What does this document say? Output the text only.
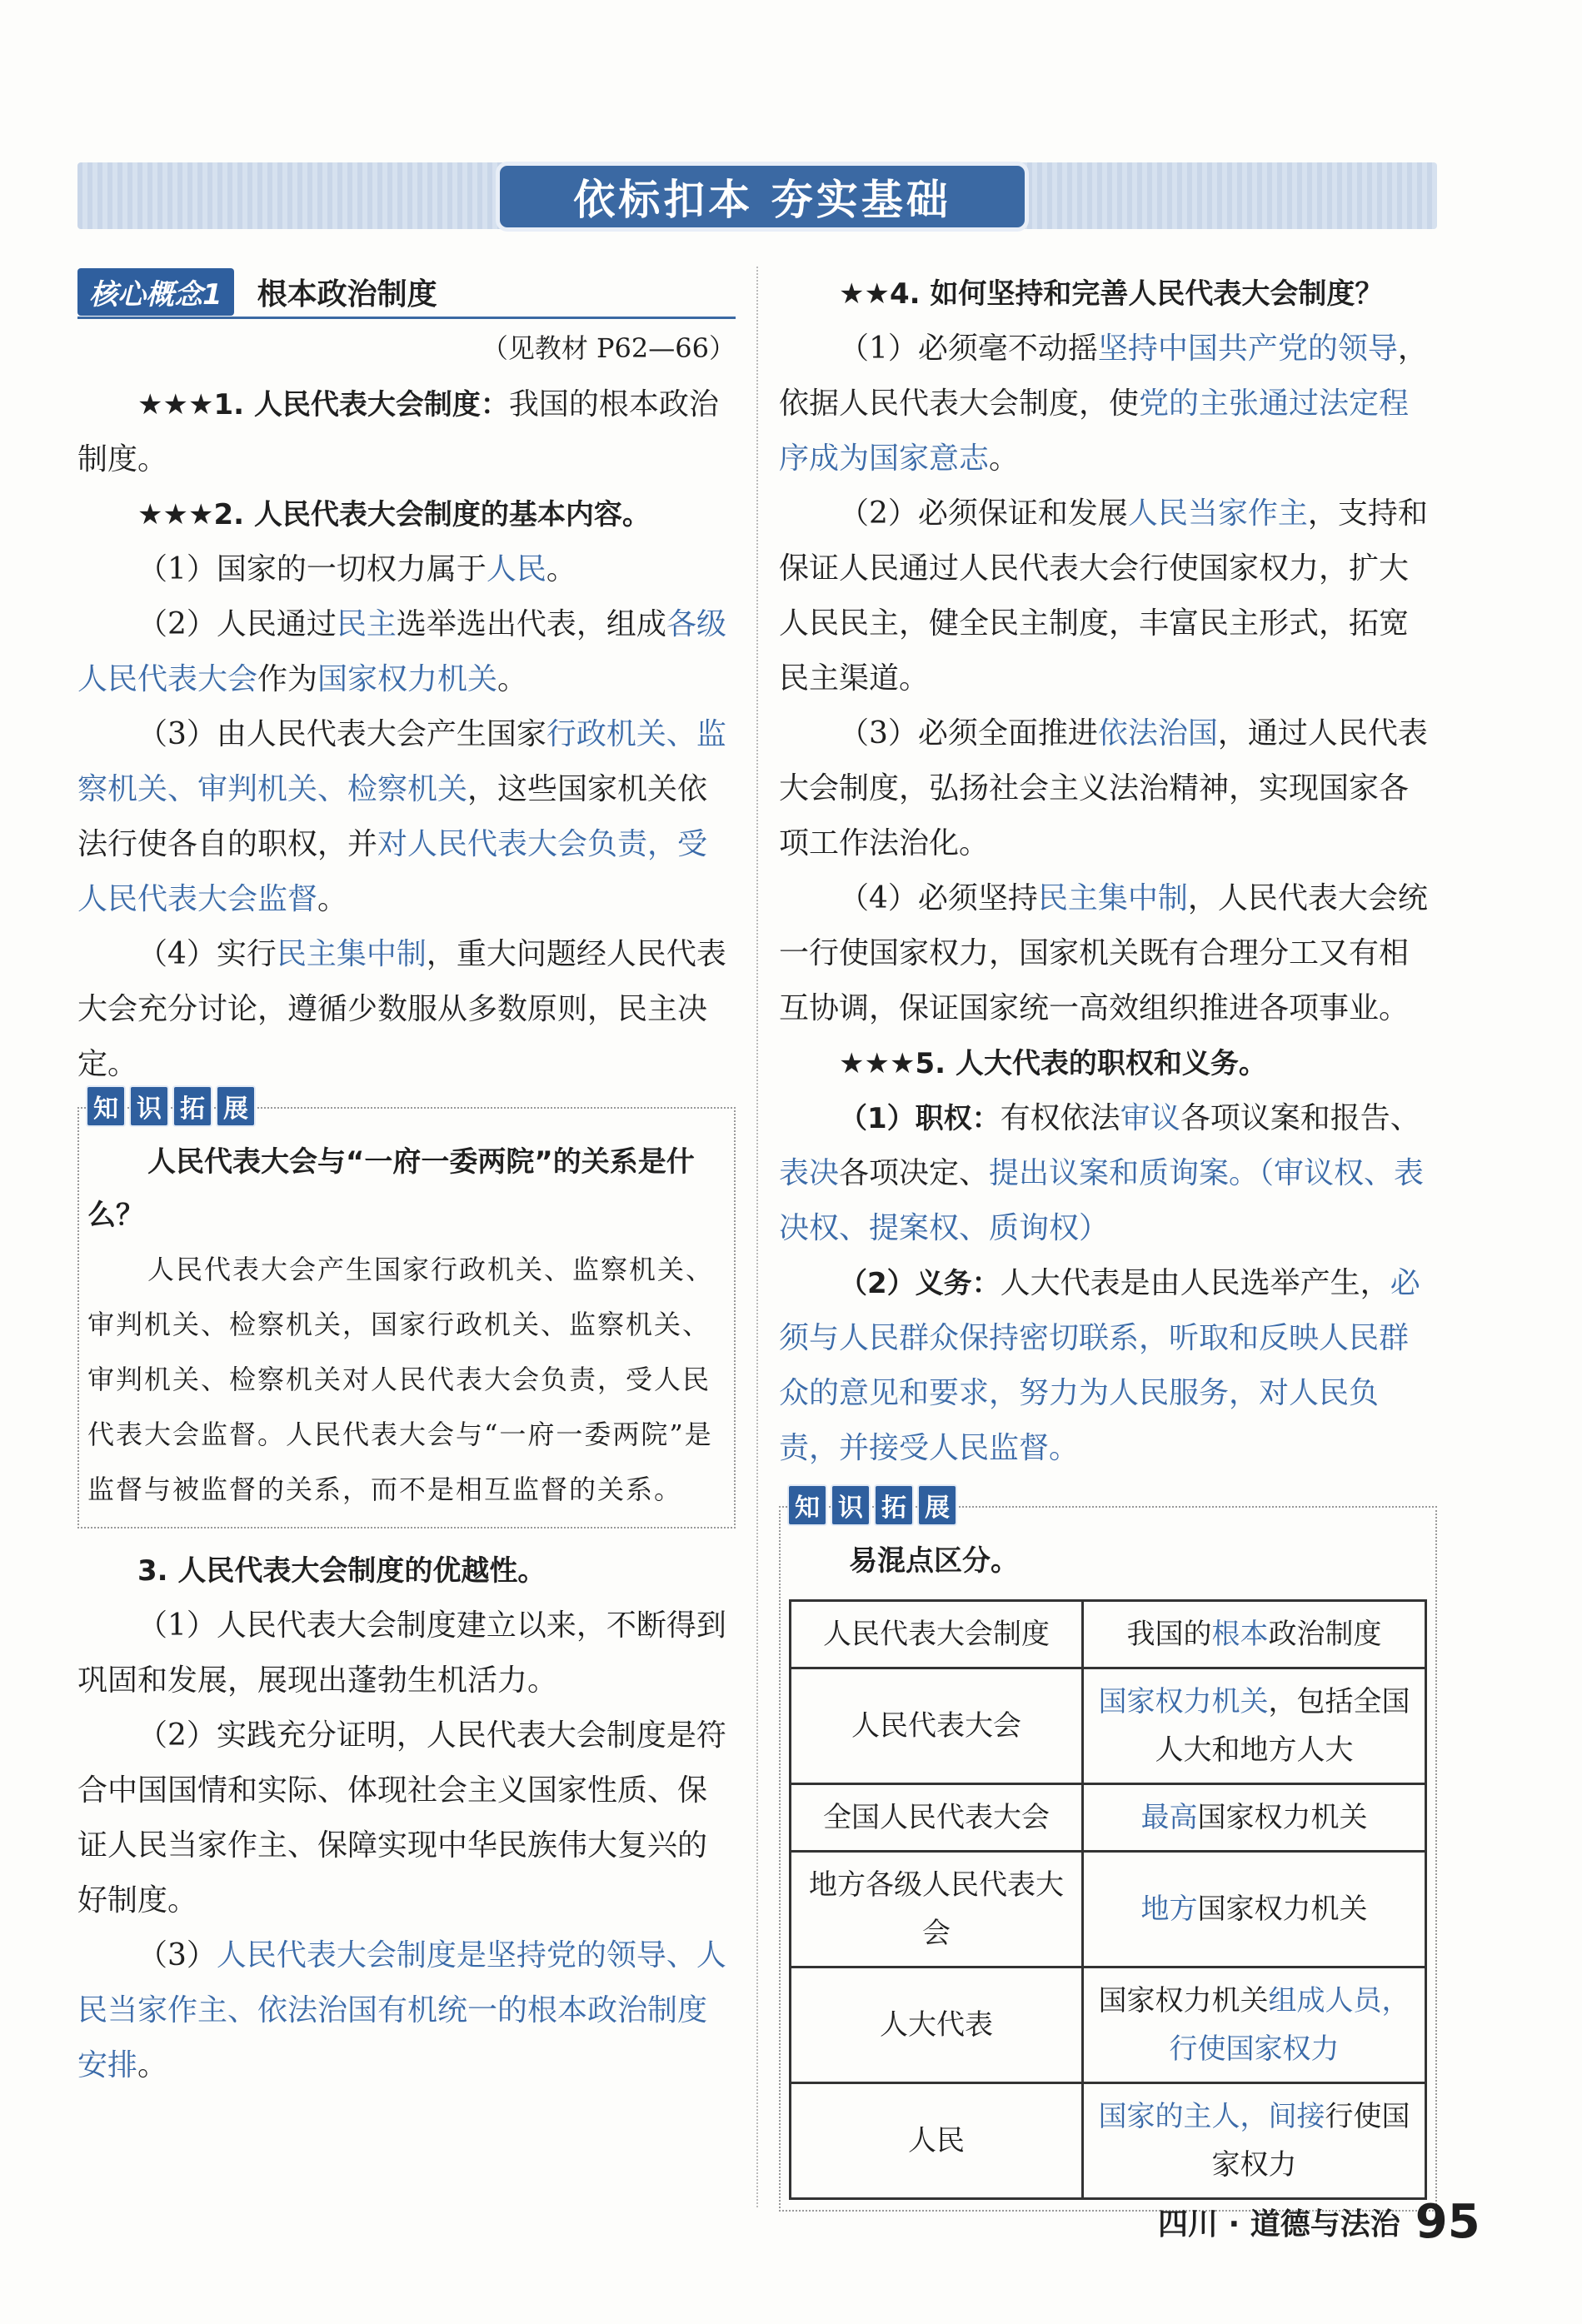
依标扣本 夯实基础
核心概念1	根本政治制度
（见教材 P62—66）

★★★1. 人民代表大会制度：我国的根本政治制度。

★★★2. 人民代表大会制度的基本内容。

（1）国家的一切权力属于人民。

（2）人民通过民主选举选出代表，组成各级人民代表大会作为国家权力机关。

（3）由人民代表大会产生国家行政机关、监察机关、审判机关、检察机关，这些国家机关依法行使各自的职权，并对人民代表大会负责，受人民代表大会监督。

（4）实行民主集中制，重大问题经人民代表大会充分讨论，遵循少数服从多数原则，民主决定。

知 识 拓 展
人民代表大会与“一府一委两院”的关系是什么？
人民代表大会产生国家行政机关、监察机关、审判机关、检察机关，国家行政机关、监察机关、审判机关、检察机关对人民代表大会负责，受人民代表大会监督。人民代表大会与“一府一委两院”是监督与被监督的关系，而不是相互监督的关系。

3. 人民代表大会制度的优越性。

（1）人民代表大会制度建立以来，不断得到巩固和发展，展现出蓬勃生机活力。

（2）实践充分证明，人民代表大会制度是符合中国国情和实际、体现社会主义国家性质、保证人民当家作主、保障实现中华民族伟大复兴的好制度。

（3）人民代表大会制度是坚持党的领导、人民当家作主、依法治国有机统一的根本政治制度安排。

★★4. 如何坚持和完善人民代表大会制度？

（1）必须毫不动摇坚持中国共产党的领导，依据人民代表大会制度，使党的主张通过法定程序成为国家意志。

（2）必须保证和发展人民当家作主，支持和保证人民通过人民代表大会行使国家权力，扩大人民民主，健全民主制度，丰富民主形式，拓宽民主渠道。

（3）必须全面推进依法治国，通过人民代表大会制度，弘扬社会主义法治精神，实现国家各项工作法治化。

（4）必须坚持民主集中制，人民代表大会统一行使国家权力，国家机关既有合理分工又有相互协调，保证国家统一高效组织推进各项事业。

★★★5. 人大代表的职权和义务。

（1）职权：有权依法审议各项议案和报告、表决各项决定、提出议案和质询案。（审议权、表决权、提案权、质询权）

（2）义务：人大代表是由人民选举产生，必须与人民群众保持密切联系，听取和反映人民群众的意见和要求，努力为人民服务，对人民负责，并接受人民监督。

知 识 拓 展
易混点区分。
人民代表大会制度	我国的根本政治制度
人民代表大会	国家权力机关，包括全国人大和地方人大
全国人民代表大会	最高国家权力机关
地方各级人民代表大会	地方国家权力机关
人大代表	国家权力机关组成人员，行使国家权力
人民	国家的主人，间接行使国家权力
四川 · 道德与法治 95
